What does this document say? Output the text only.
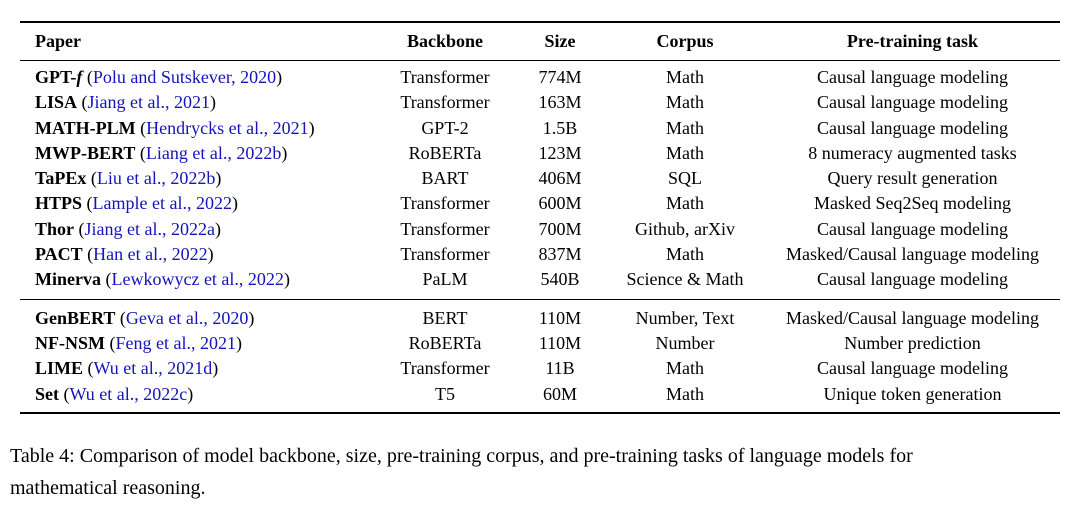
Paper	Backbone	Size	Corpus	Pre-training task
GPT-f (Polu and Sutskever, 2020)	Transformer	774M	Math	Causal language modeling
LISA (Jiang et al., 2021)	Transformer	163M	Math	Causal language modeling
MATH-PLM (Hendrycks et al., 2021)	GPT-2	1.5B	Math	Causal language modeling
MWP-BERT (Liang et al., 2022b)	RoBERTa	123M	Math	8 numeracy augmented tasks
TaPEx (Liu et al., 2022b)	BART	406M	SQL	Query result generation
HTPS (Lample et al., 2022)	Transformer	600M	Math	Masked Seq2Seq modeling
Thor (Jiang et al., 2022a)	Transformer	700M	Github, arXiv	Causal language modeling
PACT (Han et al., 2022)	Transformer	837M	Math	Masked/Causal language modeling
Minerva (Lewkowycz et al., 2022)	PaLM	540B	Science & Math	Causal language modeling
GenBERT (Geva et al., 2020)	BERT	110M	Number, Text	Masked/Causal language modeling
NF-NSM (Feng et al., 2021)	RoBERTa	110M	Number	Number prediction
LIME (Wu et al., 2021d)	Transformer	11B	Math	Causal language modeling
Set (Wu et al., 2022c)	T5	60M	Math	Unique token generation
Table 4: Comparison of model backbone, size, pre-training corpus, and pre-training tasks of language models for
mathematical reasoning.
